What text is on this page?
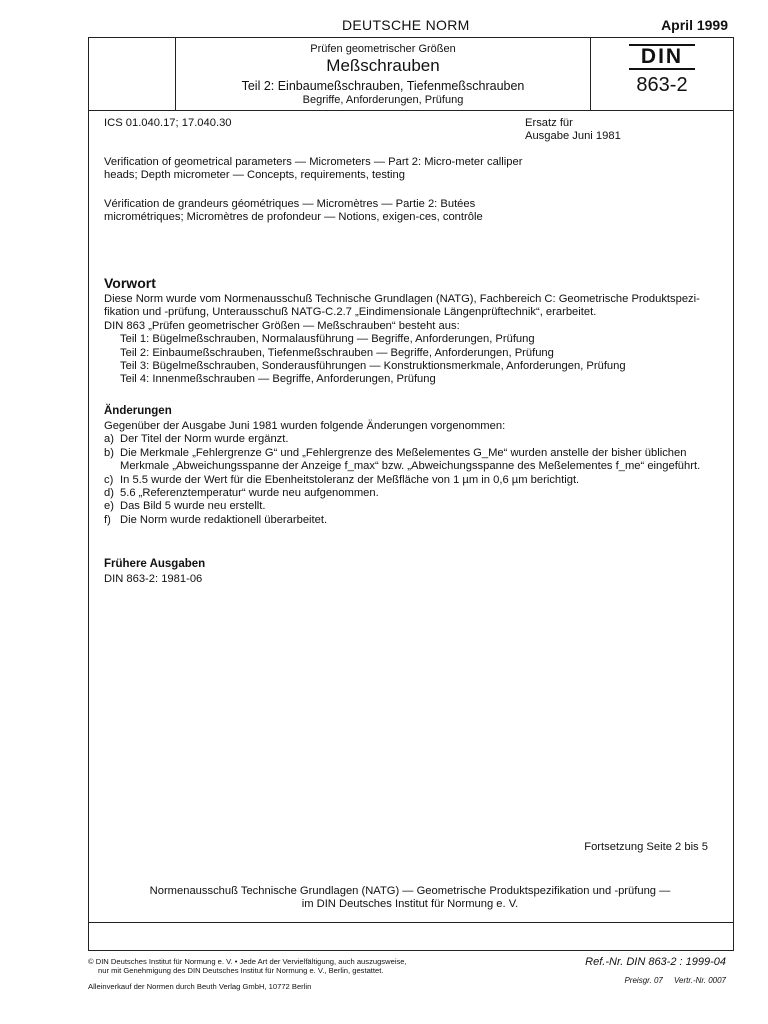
DEUTSCHE NORM	April 1999
Prüfen geometrischer Größen
Meßschrauben
Teil 2: Einbaumeßschrauben, Tiefenmeßschrauben
Begriffe, Anforderungen, Prüfung
DIN
863-2
ICS 01.040.17; 17.040.30	Ersatz für
Ausgabe Juni 1981
Verification of geometrical parameters — Micrometers — Part 2: Micro-meter calliper heads; Depth micrometer — Concepts, requirements, testing
Vérification de grandeurs géométriques — Micromètres — Partie 2: Butées micrométriques; Micromètres de profondeur — Notions, exigen-ces, contrôle
Vorwort
Diese Norm wurde vom Normenausschuß Technische Grundlagen (NATG), Fachbereich C: Geometrische Produktspezi-fikation und -prüfung, Unterausschuß NATG-C.2.7 „Eindimensionale Längenprüftechnik“, erarbeitet.
DIN 863 „Prüfen geometrischer Größen — Meßschrauben“ besteht aus:
Teil 1: Bügelmeßschrauben, Normalausführung — Begriffe, Anforderungen, Prüfung
Teil 2: Einbaumeßschrauben, Tiefenmeßschrauben — Begriffe, Anforderungen, Prüfung
Teil 3: Bügelmeßschrauben, Sonderausführungen — Konstruktionsmerkmale, Anforderungen, Prüfung
Teil 4: Innenmeßschrauben — Begriffe, Anforderungen, Prüfung
Änderungen
Gegenüber der Ausgabe Juni 1981 wurden folgende Änderungen vorgenommen:
a) Der Titel der Norm wurde ergänzt.
b) Die Merkmale „Fehlergrenze G“ und „Fehlergrenze des Meßelementes G_Me“ wurden anstelle der bisher üblichen Merkmale „Abweichungsspanne der Anzeige f_max“ bzw. „Abweichungsspanne des Meßelementes f_me“ eingeführt.
c) In 5.5 wurde der Wert für die Ebenheitstoleranz der Meßfläche von 1 µm in 0,6 µm berichtigt.
d) 5.6 „Referenztemperatur“ wurde neu aufgenommen.
e) Das Bild 5 wurde neu erstellt.
f) Die Norm wurde redaktionell überarbeitet.
Frühere Ausgaben
DIN 863-2: 1981-06
Fortsetzung Seite 2 bis 5
Normenausschuß Technische Grundlagen (NATG) — Geometrische Produktspezifikation und -prüfung —
im DIN Deutsches Institut für Normung e. V.
© DIN Deutsches Institut für Normung e. V. • Jede Art der Vervielfältigung, auch auszugsweise,
nur mit Genehmigung des DIN Deutsches Institut für Normung e. V., Berlin, gestattet.
Ref.-Nr. DIN 863-2 : 1999-04
Preisgr. 07 Vertr.-Nr. 0007
Alleinverkauf der Normen durch Beuth Verlag GmbH, 10772 Berlin
